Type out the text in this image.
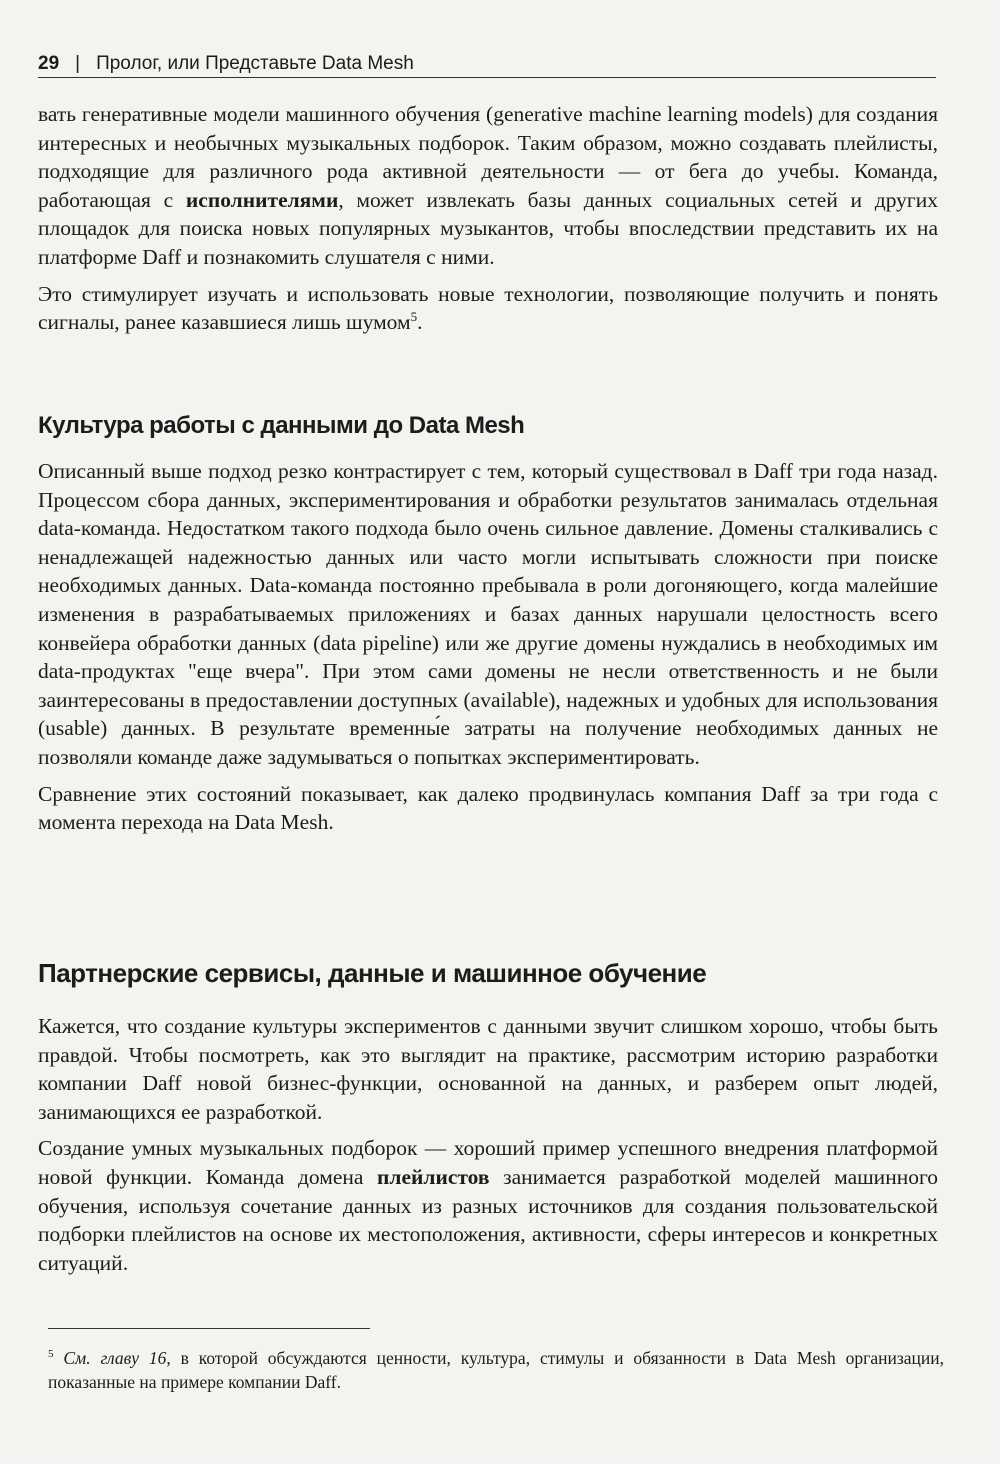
29 | Пролог, или Представьте Data Mesh

вать генеративные модели машинного обучения (generative machine learning models) для создания интересных и необычных музыкальных подборок. Таким образом, можно создавать плейлисты, подходящие для различного рода активной деятельности — от бега до учебы. Команда, работающая с исполнителями, может извлекать базы данных социальных сетей и других площадок для поиска новых популярных музыкантов, чтобы впоследствии представить их на платформе Daff и познакомить слушателя с ними.

Это стимулирует изучать и использовать новые технологии, позволяющие получить и понять сигналы, ранее казавшиеся лишь шумом$^5$.

Культура работы с данными до Data Mesh

Описанный выше подход резко контрастирует с тем, который существовал в Daff три года назад. Процессом сбора данных, экспериментирования и обработки результатов занималась отдельная data-команда. Недостатком такого подхода было очень сильное давление. Домены сталкивались с ненадлежащей надежностью данных или часто могли испытывать сложности при поиске необходимых данных. Data-команда постоянно пребывала в роли догоняющего, когда малейшие изменения в разрабатываемых приложениях и базах данных нарушали целостность всего конвейера обработки данных (data pipeline) или же другие домены нуждались в необходимых им data-продуктах "еще вчера". При этом сами домены не несли ответственность и не были заинтересованы в предоставлении доступных (available), надежных и удобных для использования (usable) данных. В результате временны́е затраты на получение необходимых данных не позволяли команде даже задумываться о попытках экспериментировать.

Сравнение этих состояний показывает, как далеко продвинулась компания Daff за три года с момента перехода на Data Mesh.

Партнерские сервисы, данные и машинное обучение

Кажется, что создание культуры экспериментов с данными звучит слишком хорошо, чтобы быть правдой. Чтобы посмотреть, как это выглядит на практике, рассмотрим историю разработки компании Daff новой бизнес-функции, основанной на данных, и разберем опыт людей, занимающихся ее разработкой.

Создание умных музыкальных подборок — хороший пример успешного внедрения платформой новой функции. Команда домена плейлистов занимается разработкой моделей машинного обучения, используя сочетание данных из разных источников для создания пользовательской подборки плейлистов на основе их местоположения, активности, сферы интересов и конкретных ситуаций.

$^5$ См. главу 16, в которой обсуждаются ценности, культура, стимулы и обязанности в Data Mesh организации, показанные на примере компании Daff.
